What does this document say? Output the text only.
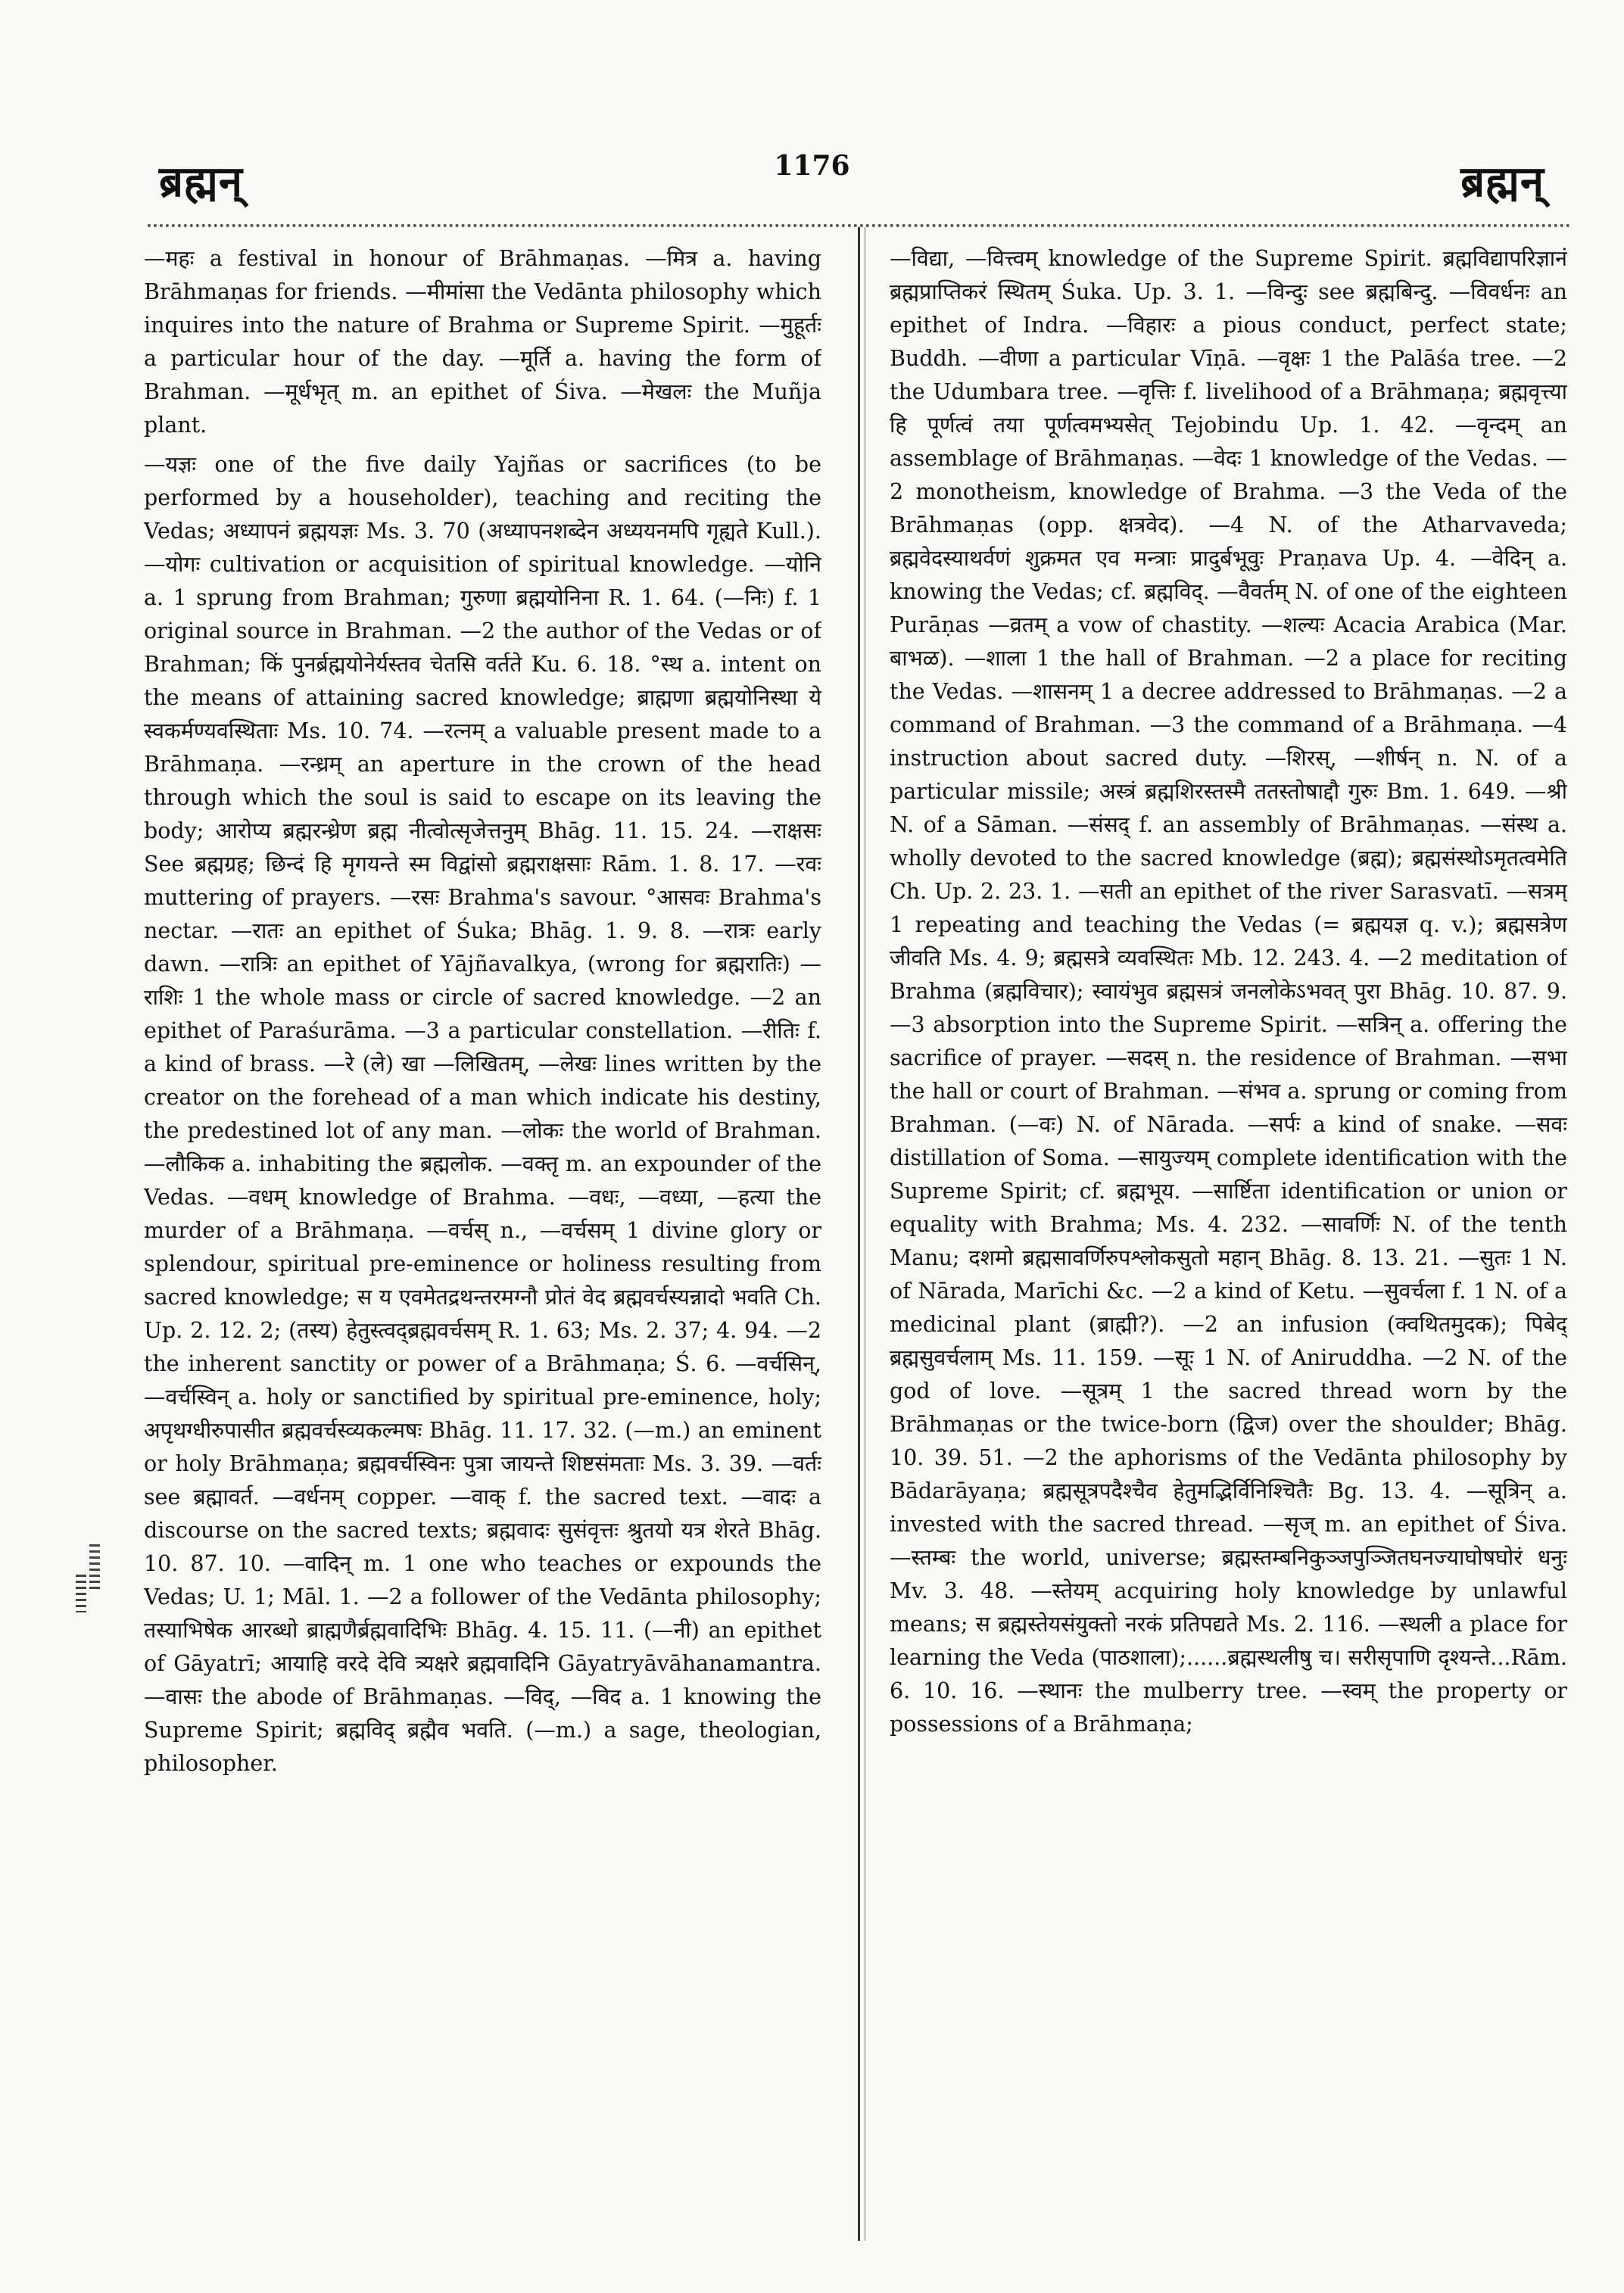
ब्रह्मन्	1176	ब्रह्मन्

—महः a festival in honour of Brāhmaṇas. —मित्र a. having Brāhmaṇas for friends. —मीमांसा the Vedānta philosophy which inquires into the nature of Brahma or Supreme Spirit. —मुहूर्तः a particular hour of the day. —मूर्ति a. having the form of Brahman. —मूर्धभृत् m. an epithet of Śiva. —मेखलः the Muñja plant.

—यज्ञः one of the five daily Yajñas or sacrifices (to be performed by a householder), teaching and reciting the Vedas; अध्यापनं ब्रह्मयज्ञः Ms. 3. 70 (अध्यापनशब्देन अध्ययनमपि गृह्यते Kull.). —योगः cultivation or acquisition of spiritual knowledge. —योनि a. 1 sprung from Brahman; गुरुणा ब्रह्मयोनिना R. 1. 64. (—निः) f. 1 original source in Brahman. —2 the author of the Vedas or of Brahman; किं पुनर्ब्रह्मयोनेर्यस्तव चेतसि वर्तते Ku. 6. 18. °स्थ a. intent on the means of attaining sacred knowledge; ब्राह्मणा ब्रह्मयोनिस्था ये स्वकर्मण्यवस्थिताः Ms. 10. 74. —रत्नम् a valuable present made to a Brāhmaṇa. —रन्ध्रम् an aperture in the crown of the head through which the soul is said to escape on its leaving the body; आरोप्य ब्रह्मरन्ध्रेण ब्रह्म नीत्वोत्सृजेत्तनुम् Bhāg. 11. 15. 24. —राक्षसः See ब्रह्मग्रह; छिन्दं हि मृगयन्ते स्म विद्वांसो ब्रह्मराक्षसाः Rām. 1. 8. 17. —रवः muttering of prayers. —रसः Brahma's savour. °आसवः Brahma's nectar. —रातः an epithet of Śuka; Bhāg. 1. 9. 8. —रात्रः early dawn. —रात्रिः an epithet of Yājñavalkya, (wrong for ब्रह्मरातिः) —राशिः 1 the whole mass or circle of sacred knowledge. —2 an epithet of Paraśurāma. —3 a particular constellation. —रीतिः f. a kind of brass. —रे (ले) खा —लिखितम्, —लेखः lines written by the creator on the forehead of a man which indicate his destiny, the predestined lot of any man. —लोकः the world of Brahman. —लौकिक a. inhabiting the ब्रह्मलोक. —वक्तृ m. an expounder of the Vedas. —वधम् knowledge of Brahma. —वधः, —वध्या, —हत्या the murder of a Brāhmaṇa. —वर्चस् n., —वर्चसम् 1 divine glory or splendour, spiritual pre-eminence or holiness resulting from sacred knowledge; स य एवमेतद्रथन्तरमग्नौ प्रोतं वेद ब्रह्मवर्चस्यन्नादो भवति Ch. Up. 2. 12. 2; (तस्य) हेतुस्त्वद्ब्रह्मवर्चसम् R. 1. 63; Ms. 2. 37; 4. 94. —2 the inherent sanctity or power of a Brāhmaṇa; Ś. 6. —वर्चसिन्, —वर्चस्विन् a. holy or sanctified by spiritual pre-eminence, holy; अपृथग्धीरुपासीत ब्रह्मवर्चस्व्यकल्मषः Bhāg. 11. 17. 32. (—m.) an eminent or holy Brāhmaṇa; ब्रह्मवर्चस्विनः पुत्रा जायन्ते शिष्टसंमताः Ms. 3. 39. —वर्तः see ब्रह्मावर्त. —वर्धनम् copper. —वाक् f. the sacred text. —वादः a discourse on the sacred texts; ब्रह्मवादः सुसंवृत्तः श्रुतयो यत्र शेरते Bhāg. 10. 87. 10. —वादिन् m. 1 one who teaches or expounds the Vedas; U. 1; Māl. 1. —2 a follower of the Vedānta philosophy; तस्याभिषेक आरब्धो ब्राह्मणैर्ब्रह्मवादिभिः Bhāg. 4. 15. 11. (—नी) an epithet of Gāyatrī; आयाहि वरदे देवि त्र्यक्षरे ब्रह्मवादिनि Gāyatryāvāhanamantra. —वासः the abode of Brāhmaṇas. —विद्, —विद a. 1 knowing the Supreme Spirit; ब्रह्मविद् ब्रह्मैव भवति. (—m.) a sage, theologian, philosopher.

—विद्या, —वित्त्वम् knowledge of the Supreme Spirit. ब्रह्मविद्यापरिज्ञानं ब्रह्मप्राप्तिकरं स्थितम् Śuka. Up. 3. 1. —विन्दुः see ब्रह्मबिन्दु. —विवर्धनः an epithet of Indra. —विहारः a pious conduct, perfect state; Buddh. —वीणा a particular Vīṇā. —वृक्षः 1 the Palāśa tree. —2 the Udumbara tree. —वृत्तिः f. livelihood of a Brāhmaṇa; ब्रह्मवृत्त्या हि पूर्णत्वं तया पूर्णत्वमभ्यसेत् Tejobindu Up. 1. 42. —वृन्दम् an assemblage of Brāhmaṇas. —वेदः 1 knowledge of the Vedas. —2 monotheism, knowledge of Brahma. —3 the Veda of the Brāhmaṇas (opp. क्षत्रवेद). —4 N. of the Atharvaveda; ब्रह्मवेदस्याथर्वणं शुक्रमत एव मन्त्राः प्रादुर्बभूवुः Praṇava Up. 4. —वेदिन् a. knowing the Vedas; cf. ब्रह्मविद्. —वैवर्तम् N. of one of the eighteen Purāṇas —व्रतम् a vow of chastity. —शल्यः Acacia Arabica (Mar. बाभळ). —शाला 1 the hall of Brahman. —2 a place for reciting the Vedas. —शासनम् 1 a decree addressed to Brāhmaṇas. —2 a command of Brahman. —3 the command of a Brāhmaṇa. —4 instruction about sacred duty. —शिरस्, —शीर्षन् n. N. of a particular missile; अस्त्रं ब्रह्मशिरस्तस्मै ततस्तोषाद्दौ गुरुः Bm. 1. 649. —श्री N. of a Sāman. —संसद् f. an assembly of Brāhmaṇas. —संस्थ a. wholly devoted to the sacred knowledge (ब्रह्म); ब्रह्मसंस्थोऽमृतत्वमेति Ch. Up. 2. 23. 1. —सती an epithet of the river Sarasvatī. —सत्रम् 1 repeating and teaching the Vedas (= ब्रह्मयज्ञ q. v.); ब्रह्मसत्रेण जीवति Ms. 4. 9; ब्रह्मसत्रे व्यवस्थितः Mb. 12. 243. 4. —2 meditation of Brahma (ब्रह्मविचार); स्वायंभुव ब्रह्मसत्रं जनलोकेऽभवत् पुरा Bhāg. 10. 87. 9. —3 absorption into the Supreme Spirit. —सत्रिन् a. offering the sacrifice of prayer. —सदस् n. the residence of Brahman. —सभा the hall or court of Brahman. —संभव a. sprung or coming from Brahman. (—वः) N. of Nārada. —सर्पः a kind of snake. —सवः distillation of Soma. —सायुज्यम् complete identification with the Supreme Spirit; cf. ब्रह्मभूय. —सार्ष्टिता identification or union or equality with Brahma; Ms. 4. 232. —सावर्णिः N. of the tenth Manu; दशमो ब्रह्मसावर्णिरुपश्लोकसुतो महान् Bhāg. 8. 13. 21. —सुतः 1 N. of Nārada, Marīchi &c. —2 a kind of Ketu. —सुवर्चला f. 1 N. of a medicinal plant (ब्राह्मी?). —2 an infusion (क्वथितमुदक); पिबेद् ब्रह्मसुवर्चलाम् Ms. 11. 159. —सूः 1 N. of Aniruddha. —2 N. of the god of love. —सूत्रम् 1 the sacred thread worn by the Brāhmaṇas or the twice-born (द्विज) over the shoulder; Bhāg. 10. 39. 51. —2 the aphorisms of the Vedānta philosophy by Bādarāyaṇa; ब्रह्मसूत्रपदैश्चैव हेतुमद्भिर्विनिश्चितैः Bg. 13. 4. —सूत्रिन् a. invested with the sacred thread. —सृज् m. an epithet of Śiva. —स्तम्बः the world, universe; ब्रह्मस्तम्बनिकुञ्जपुञ्जितघनज्याघोषघोरं धनुः Mv. 3. 48. —स्तेयम् acquiring holy knowledge by unlawful means; स ब्रह्मस्तेयसंयुक्तो नरकं प्रतिपद्यते Ms. 2. 116. —स्थली a place for learning the Veda (पाठशाला);......ब्रह्मस्थलीषु च। सरीसृपाणि दृश्यन्ते...Rām. 6. 10. 16. —स्थानः the mulberry tree. —स्वम् the property or possessions of a Brāhmaṇa;
